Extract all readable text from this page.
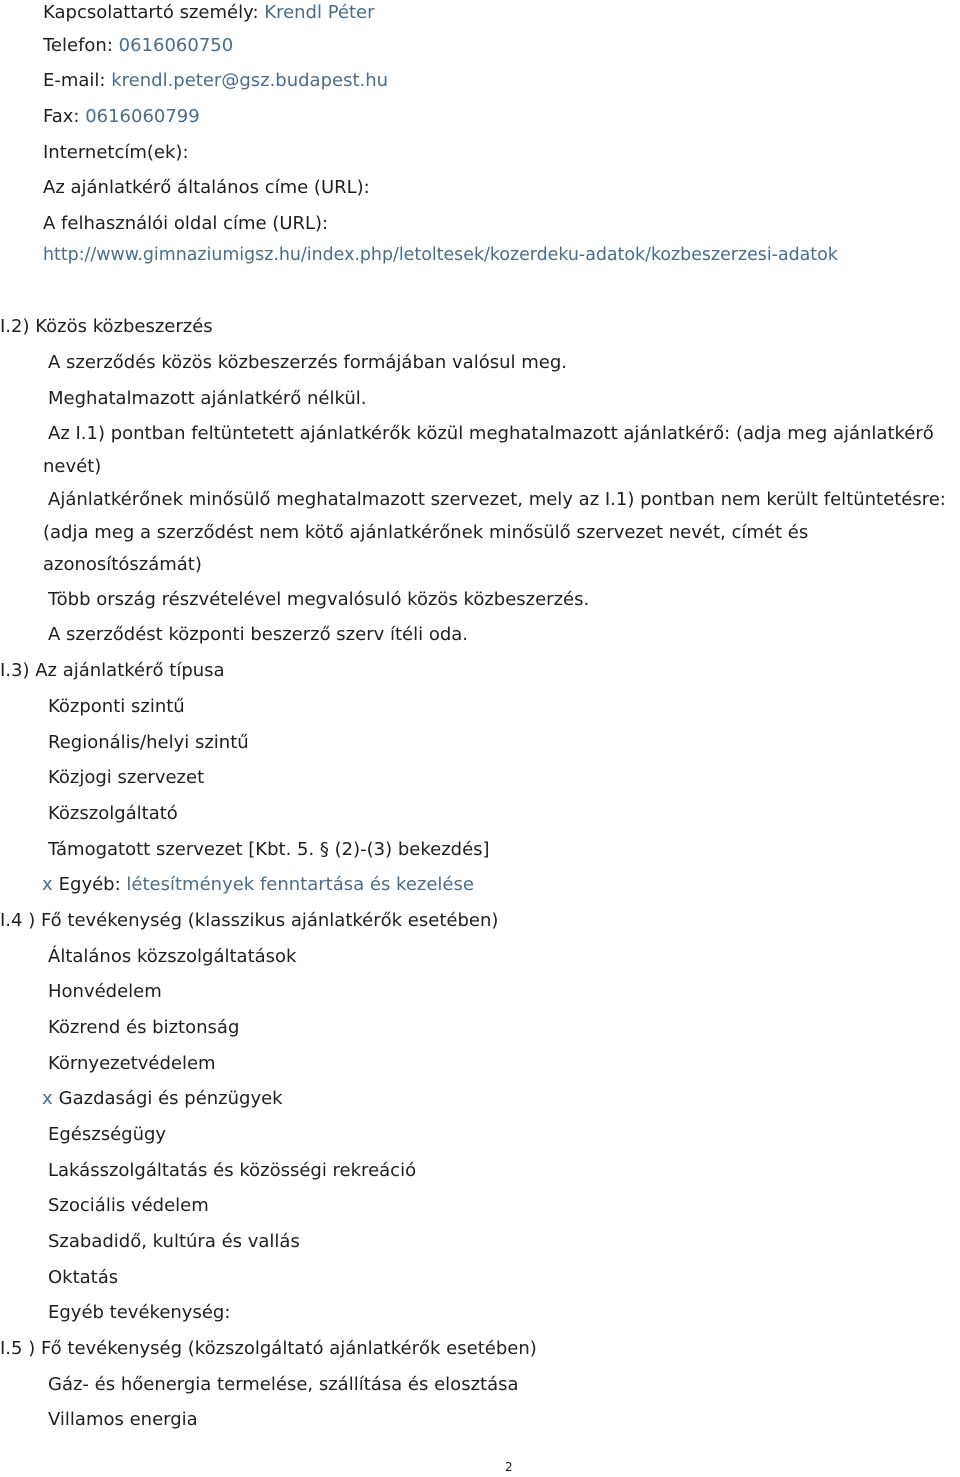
Kapcsolattartó személy: Krendl Péter
Telefon: 0616060750
E-mail: krendl.peter@gsz.budapest.hu
Fax: 0616060799
Internetcím(ek):
Az ajánlatkérő általános címe (URL):
A felhasználói oldal címe (URL):
http://www.gimnaziumigsz.hu/index.php/letoltesek/kozerdeku-adatok/kozbeszerzesi-adatok
I.2) Közös közbeszerzés
A szerződés közös közbeszerzés formájában valósul meg.
Meghatalmazott ajánlatkérő nélkül.
Az I.1) pontban feltüntetett ajánlatkérők közül meghatalmazott ajánlatkérő: (adja meg ajánlatkérő
nevét)
Ajánlatkérőnek minősülő meghatalmazott szervezet, mely az I.1) pontban nem került feltüntetésre:
(adja meg a szerződést nem kötő ajánlatkérőnek minősülő szervezet nevét, címét és
azonosítószámát)
Több ország részvételével megvalósuló közös közbeszerzés.
A szerződést központi beszerző szerv ítéli oda.
I.3) Az ajánlatkérő típusa
Központi szintű
Regionális/helyi szintű
Közjogi szervezet
Közszolgáltató
Támogatott szervezet [Kbt. 5. § (2)-(3) bekezdés]
x Egyéb: létesítmények fenntartása és kezelése
I.4 ) Fő tevékenység (klasszikus ajánlatkérők esetében)
Általános közszolgáltatások
Honvédelem
Közrend és biztonság
Környezetvédelem
x Gazdasági és pénzügyek
Egészségügy
Lakásszolgáltatás és közösségi rekreáció
Szociális védelem
Szabadidő, kultúra és vallás
Oktatás
Egyéb tevékenység:
I.5 ) Fő tevékenység (közszolgáltató ajánlatkérők esetében)
Gáz- és hőenergia termelése, szállítása és elosztása
Villamos energia
2
